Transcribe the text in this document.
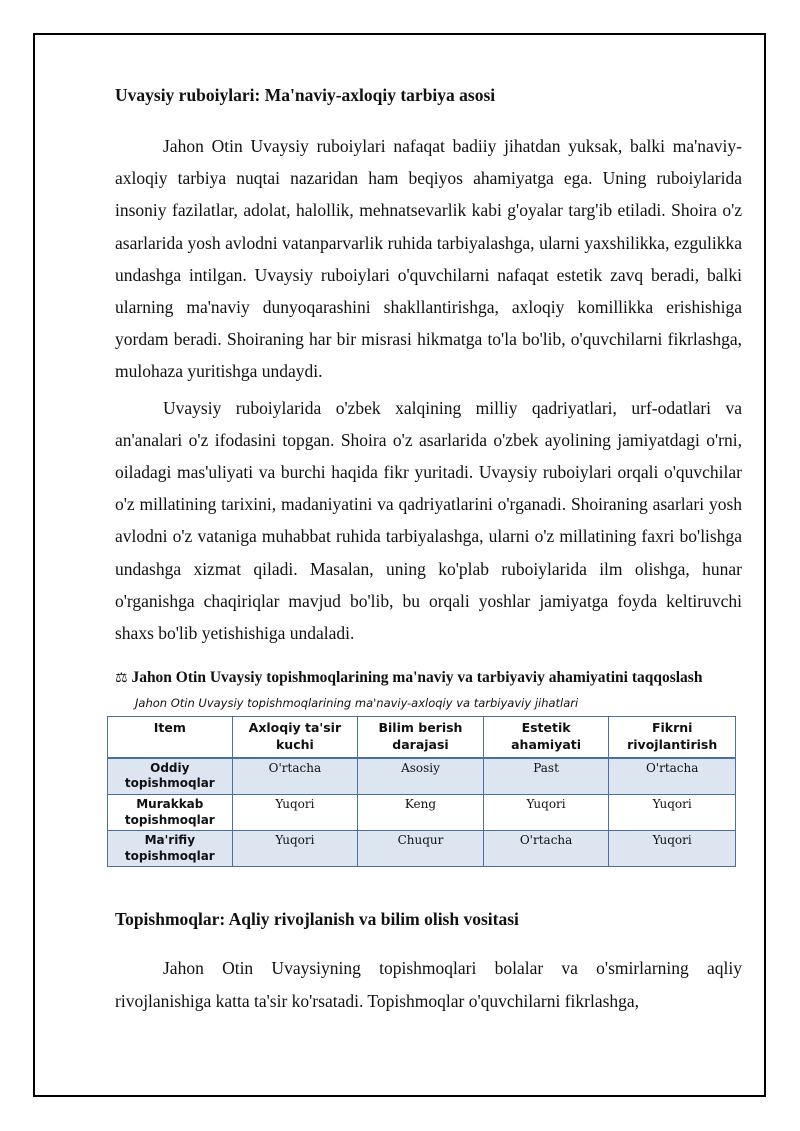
Uvaysiy ruboiylari: Ma'naviy-axloqiy tarbiya asosi

Jahon Otin Uvaysiy ruboiylari nafaqat badiiy jihatdan yuksak, balki ma'naviy-axloqiy tarbiya nuqtai nazaridan ham beqiyos ahamiyatga ega. Uning ruboiylarida insoniy fazilatlar, adolat, halollik, mehnatsevarlik kabi g'oyalar targ'ib etiladi. Shoira o'z asarlarida yosh avlodni vatanparvarlik ruhida tarbiyalashga, ularni yaxshilikka, ezgulikka undashga intilgan. Uvaysiy ruboiylari o'quvchilarni nafaqat estetik zavq beradi, balki ularning ma'naviy dunyoqarashini shakllantirishga, axloqiy komillikka erishishiga yordam beradi. Shoiraning har bir misrasi hikmatga to'la bo'lib, o'quvchilarni fikrlashga, mulohaza yuritishga undaydi.

Uvaysiy ruboiylarida o'zbek xalqining milliy qadriyatlari, urf-odatlari va an'analari o'z ifodasini topgan. Shoira o'z asarlarida o'zbek ayolining jamiyatdagi o'rni, oiladagi mas'uliyati va burchi haqida fikr yuritadi. Uvaysiy ruboiylari orqali o'quvchilar o'z millatining tarixini, madaniyatini va qadriyatlarini o'rganadi. Shoiraning asarlari yosh avlodni o'z vataniga muhabbat ruhida tarbiyalashga, ularni o'z millatining faxri bo'lishga undashga xizmat qiladi. Masalan, uning ko'plab ruboiylarida ilm olishga, hunar o'rganishga chaqiriqlar mavjud bo'lib, bu orqali yoshlar jamiyatga foyda keltiruvchi shaxs bo'lib yetishishiga undaladi.

⚖ Jahon Otin Uvaysiy topishmoqlarining ma'naviy va tarbiyaviy ahamiyatini taqqoslash
Jahon Otin Uvaysiy topishmoqlarining ma'naviy-axloqiy va tarbiyaviy jihatlari
Item	Axloqiy ta'sir kuchi	Bilim berish darajasi	Estetik ahamiyati	Fikrni rivojlantirish
Oddiy topishmoqlar	O'rtacha	Asosiy	Past	O'rtacha
Murakkab topishmoqlar	Yuqori	Keng	Yuqori	Yuqori
Ma'rifiy topishmoqlar	Yuqori	Chuqur	O'rtacha	Yuqori
Topishmoqlar: Aqliy rivojlanish va bilim olish vositasi

Jahon Otin Uvaysiyning topishmoqlari bolalar va o'smirlarning aqliy rivojlanishiga katta ta'sir ko'rsatadi. Topishmoqlar o'quvchilarni fikrlashga,
